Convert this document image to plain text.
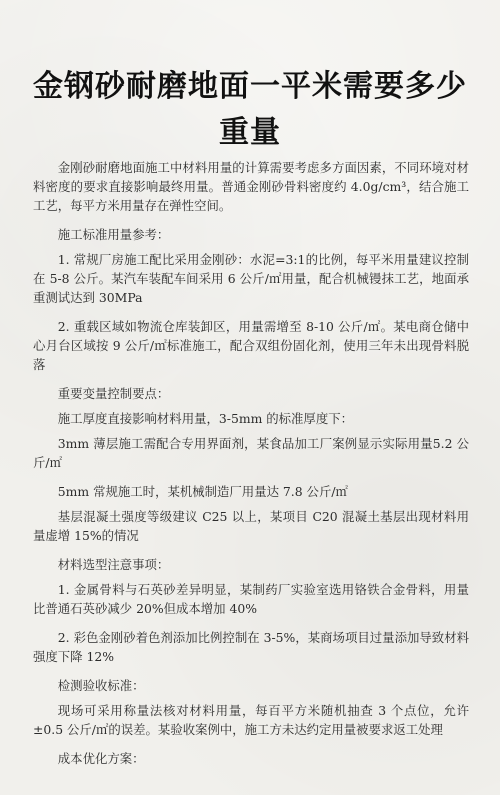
金钢砂耐磨地面一平米需要多少重量

金刚砂耐磨地面施工中材料用量的计算需要考虑多方面因素，不同环境对材料密度的要求直接影响最终用量。普通金刚砂骨料密度约 4.0g/cm³，结合施工工艺，每平方米用量存在弹性空间。

施工标准用量参考：

1. 常规厂房施工配比采用金刚砂：水泥=3:1的比例，每平米用量建议控制在 5-8 公斤。某汽车装配车间采用 6 公斤/㎡用量，配合机械镘抹工艺，地面承重测试达到 30MPa

2. 重载区域如物流仓库装卸区，用量需增至 8-10 公斤/㎡。某电商仓储中心月台区域按 9 公斤/㎡标准施工，配合双组份固化剂，使用三年未出现骨料脱落

重要变量控制要点：

施工厚度直接影响材料用量，3-5mm 的标准厚度下：

3mm 薄层施工需配合专用界面剂，某食品加工厂案例显示实际用量5.2 公斤/㎡

5mm 常规施工时，某机械制造厂用量达 7.8 公斤/㎡

基层混凝土强度等级建议 C25 以上，某项目 C20 混凝土基层出现材料用量虚增 15%的情况

材料选型注意事项：

1. 金属骨料与石英砂差异明显，某制药厂实验室选用铬铁合金骨料，用量比普通石英砂减少 20%但成本增加 40%

2. 彩色金刚砂着色剂添加比例控制在 3-5%，某商场项目过量添加导致材料强度下降 12%

检测验收标准：

现场可采用称量法核对材料用量，每百平方米随机抽查 3 个点位，允许±0.5 公斤/㎡的误差。某验收案例中，施工方未达约定用量被要求返工处理

成本优化方案：
